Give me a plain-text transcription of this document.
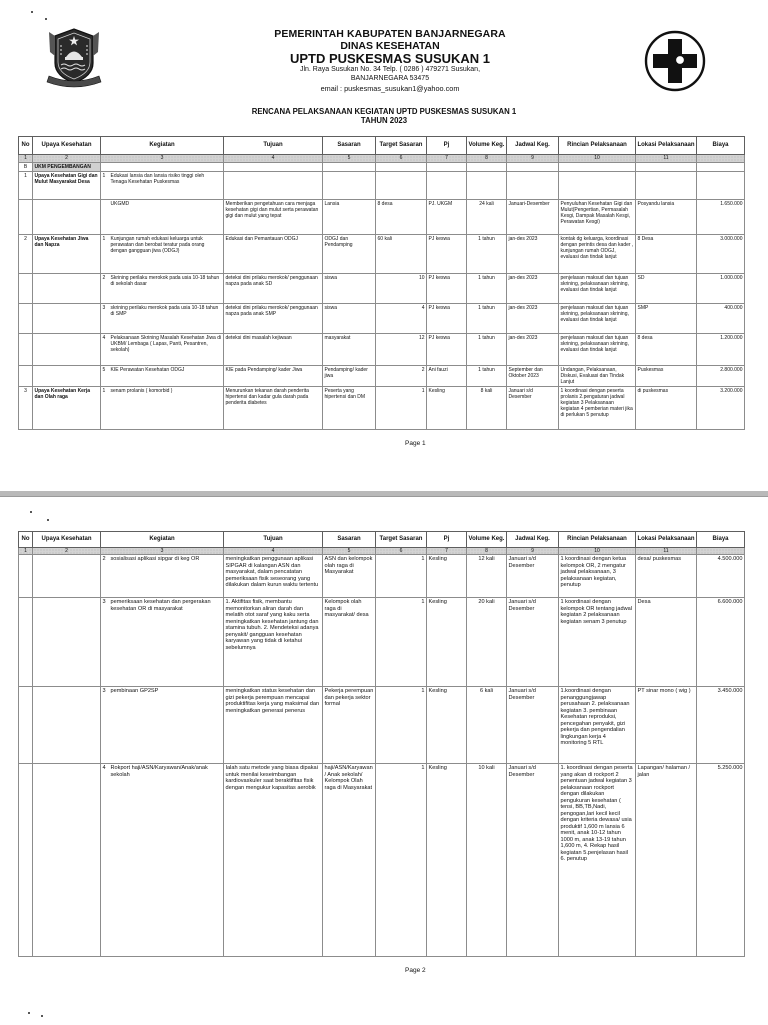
PEMERINTAH KABUPATEN BANJARNEGARA
DINAS KESEHATAN
UPTD PUSKESMAS SUSUKAN 1
Jln. Raya Susukan No. 34 Telp. ( 0286 ) 479271 Susukan,
BANJARNEGARA 53475
email : puskesmas_susukan1@yahoo.com
RENCANA PELAKSANAAN KEGIATAN UPTD PUSKESMAS SUSUKAN 1
TAHUN 2023
No	Upaya Kesehatan	Kegiatan	Tujuan	Sasaran	Target Sasaran	Pj	Volume Keg.	Jadwal Keg.	Rincian Pelaksanaan	Lokasi Pelaksanaan	Biaya
1	2	3	4	5	6	7	8	9	10	11	
B	UKM PENGEMBANGAN										
1	Upaya Kesehatan Gigi dan Mulut Masyarakat Desa	1 Edukasi lansia dan lansia risiko tinggi oleh Tenaga Kesehatan Puskesmas									

		UKGMD	Memberikan pengetahuan cara menjaga kesehatan gigi dan mulut serta perawatan gigi dan mulut yang tepat	Lansia	8 desa	PJ. UKGM	24 kali	Januari-Desember	Penyuluhan Kesehatan Gigi dan Mulut(Pengertian, Permasalah Kesgi, Dampak Masalah Kesgi, Perawatan Kesgi)	Posyandu lansia	1.650.000
2	Upaya Kesehatan Jiwa dan Napza	1 Kunjungan rumah edukasi keluarga untuk perawatan dan berobat teratur pada orang dengan gangguan jiwa (ODGJ)	Edukasi dan Pemantauan ODGJ	ODGJ dan Pendamping	60 kali	PJ keswa	1 tahun	jan-des 2023	kontak dg keluarga, koordinasi dengan perintis desa dan kader , kunjungan rumah ODGJ, evaluasi dan tindak lanjut	8 Desa	3.000.000

		2 Skrining perilaku merokok pada usia 10-18 tahun di sekolah dasar	deteksi dini prilaku merokok/ penggunaan napza pada anak SD	siswa	10	PJ keswa	1 tahun	jan-des 2023	penjelasan maksud dan tujuan skrining, pelaksanaan skrining, evaluasi dan tindak lanjut	SD	1.000.000

		3 skrining perilaku merokok pada usia 10-18 tahun di SMP	deteksi dini prilaku merokok/ penggunaan napza pada anak SMP	siswa	4	PJ keswa	1 tahun	jan-des 2023	penjelasan maksud dan tujuan skrining, pelaksanaan skrining, evaluasi dan tindak lanjut	SMP	400.000

		4 Pelaksanaan Skrining Masalah Kesehatan Jiwa di UKBM/ Lembaga ( Lapas, Panti, Pesantren, sekolah)	deteksi dini masalah kejiwaan	masyarakat	12	PJ keswa	1 tahun	jan-des 2023	penjelasan maksud dan tujuan skrining, pelaksanaan skrining, evaluasi dan tindak lanjut	8 desa	1.200.000

		5 KIE Perawatan Kesehatan ODGJ	KIE pada Pendamping/ kader Jiwa	Pendamping/ kader jiwa	2	Ani fauzi	1 tahun	September dan Oktober 2023	Undangan, Pelaksanaan, Diskusi, Evaluasi dan Tindak Lanjut	Puskesmas	2.800.000
3	Upaya Kesehatan Kerja dan Olah raga	1 senam prolanis ( komorbid )	Menurunkan tekanan darah penderita hipertensi dan kadar gula darah pada penderita diabetes	Peserta yang hipertensi dan DM	1	Kesling	8 kali	Januari s/d Desember	1 koordinasi dengan peserta prolanis 2.pengaturan jadwal kegiatan 3 Pelaksanaan kegiatan 4 pemberian materi jika di perlukan 5 penutup	di puskesmas	3.200.000
Page 1
No	Upaya Kesehatan	Kegiatan	Tujuan	Sasaran	Target Sasaran	Pj	Volume Keg.	Jadwal Keg.	Rincian Pelaksanaan	Lokasi Pelaksanaan	Biaya
1	2	3	4	5	6	7	8	9	10	11	

		2 sosialisasi aplikasi sipgar di keg OR	meningkatkan penggunaan aplikasi SIPGAR di kalangan ASN dan masyarakat, dalam pencatatan pemeriksaan fisik seseorang yang dilakukan dalam kurun waktu tertentu	ASN dan kelompok olah raga di Masyarakat	1	Kesling	12 kali	Januari s/d Desember	1 koordinasi dengan ketua kelompok OR, 2 mengatur jadwal pelaksanaan, 3 pelaksanaan kegiatan, penutup	desa/ puskesmas	4.500.000

		3 pemeriksaan kesehatan dan pergerakan kesehatan OR di masyarakat	1. Aktifitas fisik, membantu memonitorkan aliran darah dan melatih otot saraf yang kaku serta meningkatkan kesehatan jantung dan stamina tubuh. 2. Mendeteksi adanya penyakit/ gangguan kesehatan karyawan yang tidak di ketahui sebelumnya	Kelompok olah raga di masyarakat/ desa	1	Kesling	20 kali	Januari s/d Desember	1 koordinasi dengan kelompok OR tentang jadwal kegiatan 2 pelaksanaan kegiatan senam 3 penutup	Desa	6.600.000

		3 pembinaan GP2SP	meningkatkan status kesehatan dan gizi pekerja perempuan mencapai produktifitas kerja yang maksimal dan meningkatkan generasi penerus	Pekerja perempuan dan pekerja sektor formal	1	Kesling	6 kali	Januari s/d Desember	1.koordinasi dengan penanggungjawap perusahaan 2. pelaksanaan kegiatan 3. pembinaan Kesehatan reproduksi, pencegahan penyakit, gizi pekerja dan pengendalian lingkungan kerja 4 monitoring 5 RTL	PT sinar mono ( wig )	3.450.000

		4 Rokport haji/ASN/Karyawan/Anak/anak sekolah	Ialah satu metode yang biasa dipakai untuk menilai keseimbangan kardiovaskuler saat beraktifitas fisik dengan mengukur kapasitas aerobik	haji/ASN/Karyawan/ Anak sekolah/ Kelompok Olah raga di Masyarakat	1	Kesling	10 kali	Januari s/d Desember	1. koordinasi dengan peserta yang akan di rockport 2 penentuan jadwal kegiatan 3 pelaksanaan rockport dengan dilakukan pengukuran kesehatan ( tensi, BB,TB,Nadi, pengogan,lari kecil kecil dengan kriteria dewasa/ usia produktif 1,600 m lansia 6 menit, anak 10-12 tahun 1000 m, anak 13-19 tahun 1,600 m, 4. Rekap hasil kegiatan 5.penjelasan hasil 6. penutup	Lapangan/ halaman / jalan	5.250.000
Page 2
